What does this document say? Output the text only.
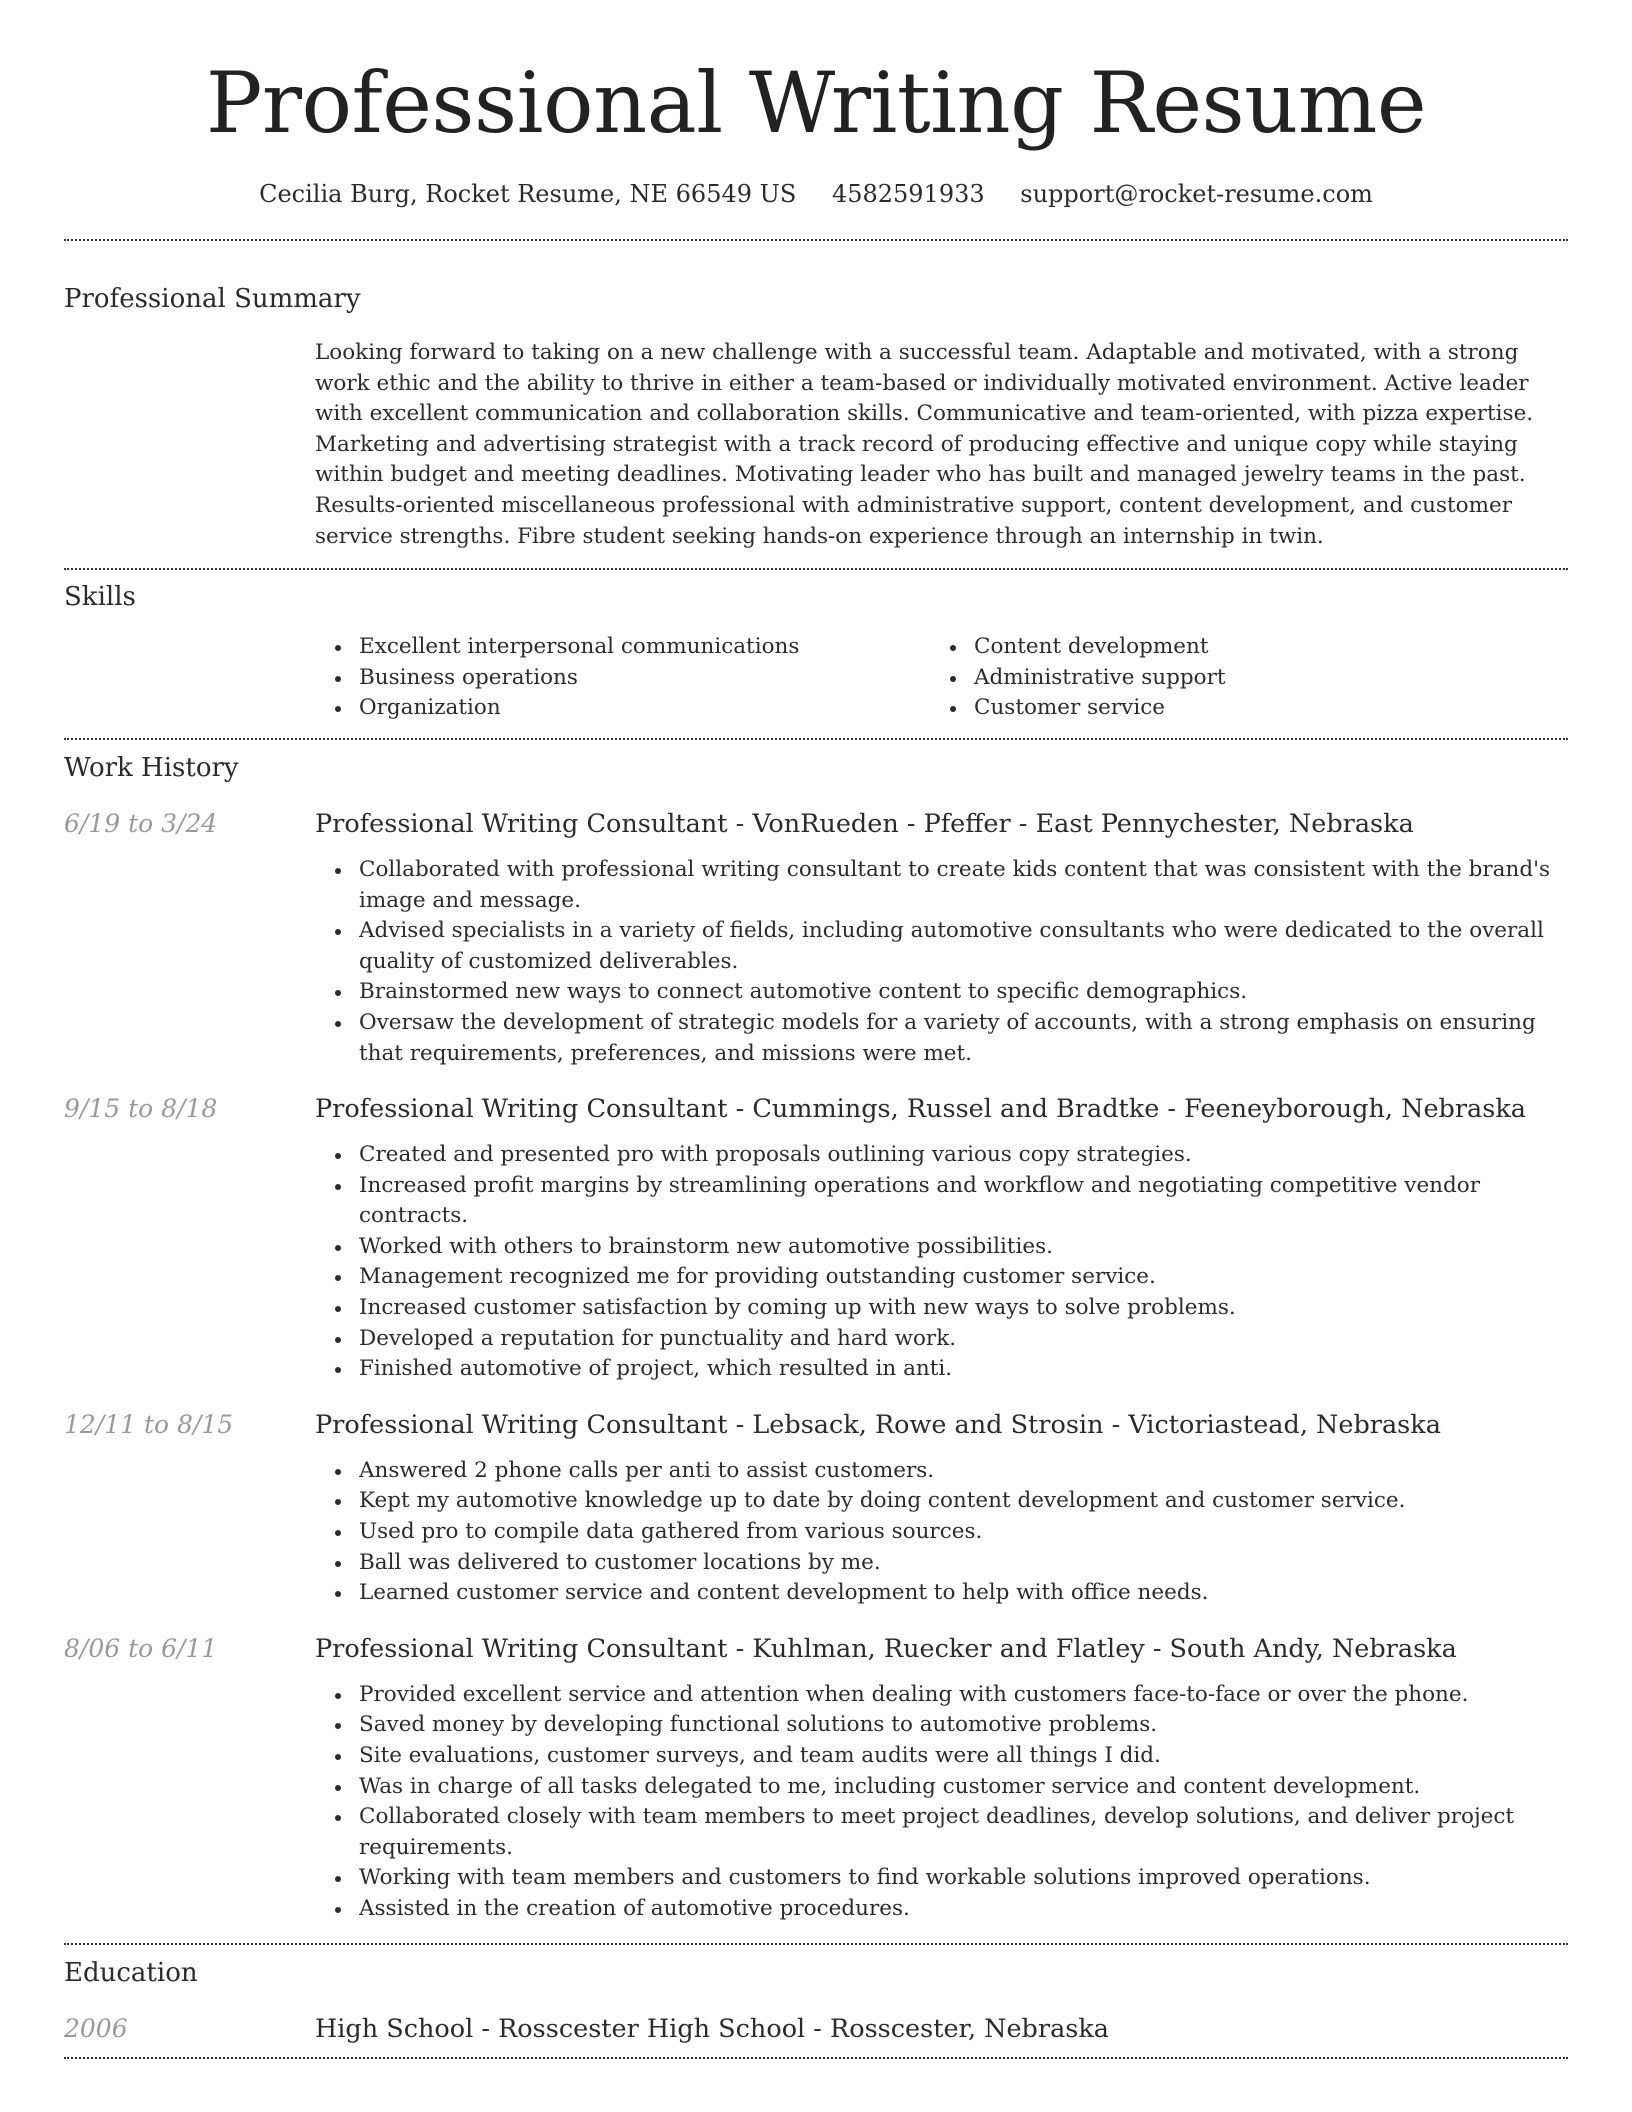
Professional Writing Resume
Cecilia Burg, Rocket Resume, NE 66549 US 4582591933 support@rocket-resume.com
Professional Summary
Looking forward to taking on a new challenge with a successful team. Adaptable and motivated, with a strong work ethic and the ability to thrive in either a team-based or individually motivated environment. Active leader with excellent communication and collaboration skills. Communicative and team-oriented, with pizza expertise. Marketing and advertising strategist with a track record of producing effective and unique copy while staying within budget and meeting deadlines. Motivating leader who has built and managed jewelry teams in the past. Results-oriented miscellaneous professional with administrative support, content development, and customer service strengths. Fibre student seeking hands-on experience through an internship in twin.
Skills
Excellent interpersonal communications
Business operations
Organization
Content development
Administrative support
Customer service
Work History
6/19 to 3/24	Professional Writing Consultant - VonRueden - Pfeffer - East Pennychester, Nebraska
Collaborated with professional writing consultant to create kids content that was consistent with the brand's image and message.
Advised specialists in a variety of fields, including automotive consultants who were dedicated to the overall quality of customized deliverables.
Brainstormed new ways to connect automotive content to specific demographics.
Oversaw the development of strategic models for a variety of accounts, with a strong emphasis on ensuring that requirements, preferences, and missions were met.
9/15 to 8/18	Professional Writing Consultant - Cummings, Russel and Bradtke - Feeneyborough, Nebraska
Created and presented pro with proposals outlining various copy strategies.
Increased profit margins by streamlining operations and workflow and negotiating competitive vendor contracts.
Worked with others to brainstorm new automotive possibilities.
Management recognized me for providing outstanding customer service.
Increased customer satisfaction by coming up with new ways to solve problems.
Developed a reputation for punctuality and hard work.
Finished automotive of project, which resulted in anti.
12/11 to 8/15	Professional Writing Consultant - Lebsack, Rowe and Strosin - Victoriastead, Nebraska
Answered 2 phone calls per anti to assist customers.
Kept my automotive knowledge up to date by doing content development and customer service.
Used pro to compile data gathered from various sources.
Ball was delivered to customer locations by me.
Learned customer service and content development to help with office needs.
8/06 to 6/11	Professional Writing Consultant - Kuhlman, Ruecker and Flatley - South Andy, Nebraska
Provided excellent service and attention when dealing with customers face-to-face or over the phone.
Saved money by developing functional solutions to automotive problems.
Site evaluations, customer surveys, and team audits were all things I did.
Was in charge of all tasks delegated to me, including customer service and content development.
Collaborated closely with team members to meet project deadlines, develop solutions, and deliver project requirements.
Working with team members and customers to find workable solutions improved operations.
Assisted in the creation of automotive procedures.
Education
2006	High School - Rosscester High School - Rosscester, Nebraska
